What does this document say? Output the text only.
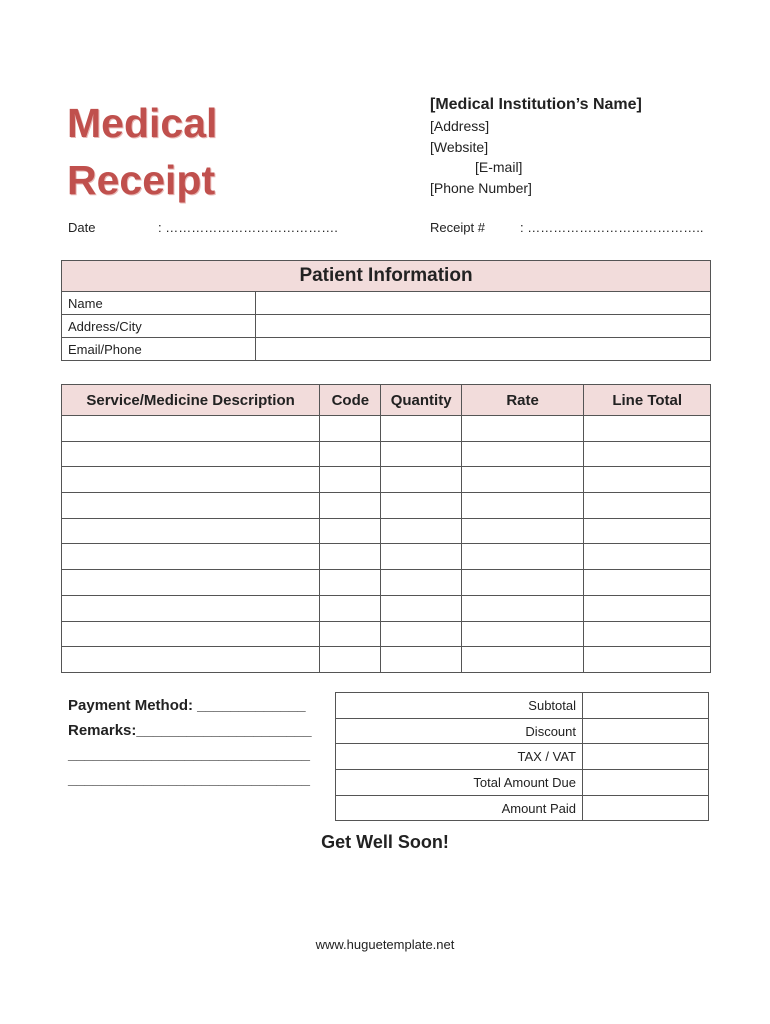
Medical
Receipt
[Medical Institution’s Name]
[Address]
[Website]
[E-mail]
[Phone Number]
Date	: ………………………………….	Receipt #	: …………………………………..
Patient Information	
Name	
Address/City	
Email/Phone	
Service/Medicine Description	Code	Quantity	Rate	Line Total

Payment Method: _____________
Remarks:_____________________
_____________________________
_____________________________
Subtotal	
Discount	
TAX / VAT	
Total Amount Due	
Amount Paid	
Get Well Soon!
www.huguetemplate.net
